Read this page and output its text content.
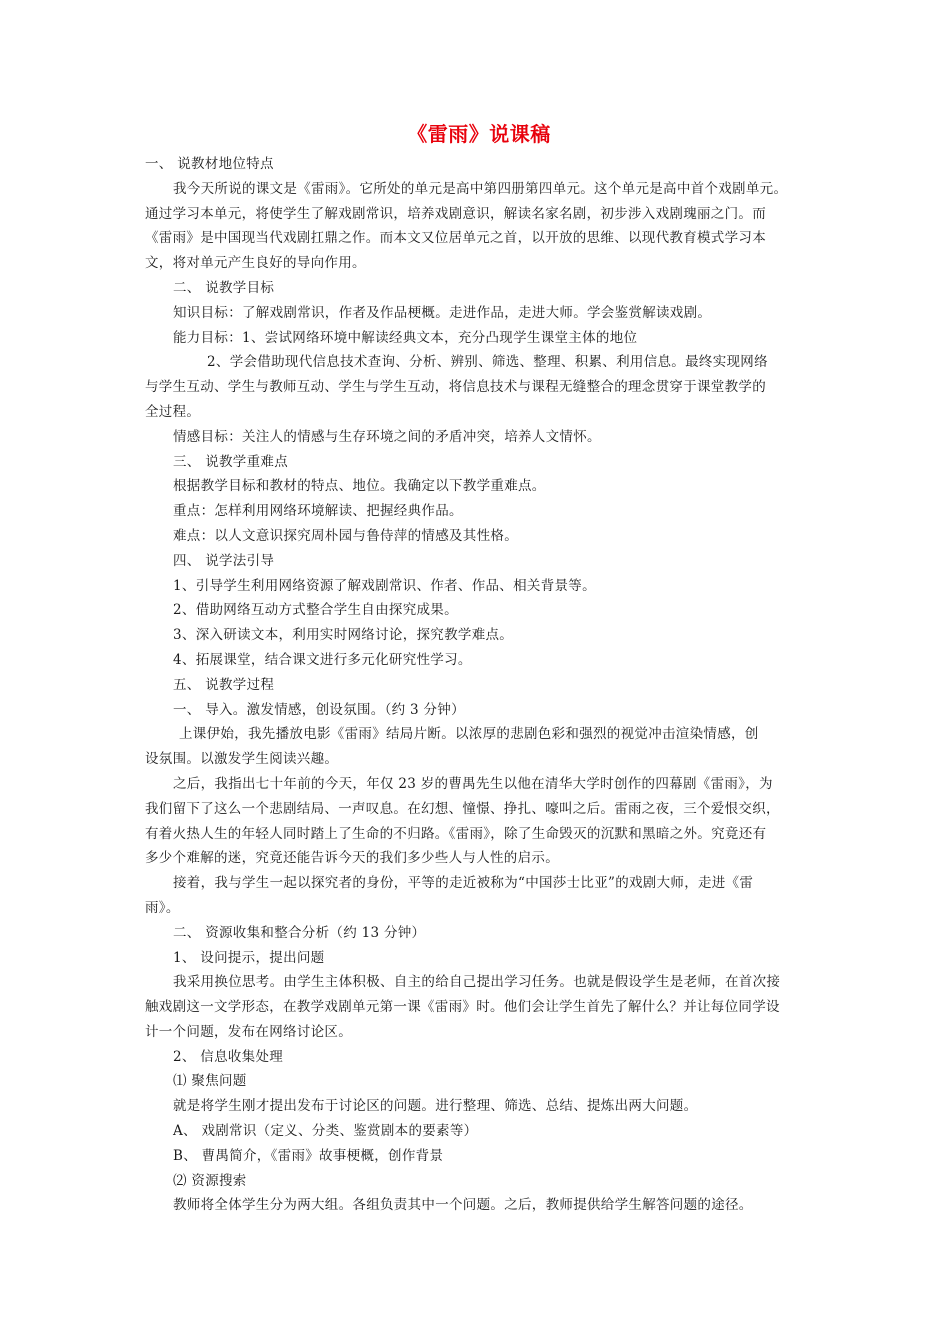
《雷雨》说课稿
一、 说教材地位特点
我今天所说的课文是《雷雨》。它所处的单元是高中第四册第四单元。这个单元是高中首个戏剧单元。
通过学习本单元，将使学生了解戏剧常识，培养戏剧意识，解读名家名剧，初步涉入戏剧瑰丽之门。而
《雷雨》是中国现当代戏剧扛鼎之作。而本文又位居单元之首，以开放的思维、以现代教育模式学习本
文，将对单元产生良好的导向作用。
二、 说教学目标
知识目标：了解戏剧常识，作者及作品梗概。走进作品，走进大师。学会鉴赏解读戏剧。
能力目标：1、尝试网络环境中解读经典文本，充分凸现学生课堂主体的地位
2、学会借助现代信息技术查询、分析、辨别、筛选、整理、积累、利用信息。最终实现网络
与学生互动、学生与教师互动、学生与学生互动，将信息技术与课程无缝整合的理念贯穿于课堂教学的
全过程。
情感目标：关注人的情感与生存环境之间的矛盾冲突，培养人文情怀。
三、 说教学重难点
根据教学目标和教材的特点、地位。我确定以下教学重难点。
重点：怎样利用网络环境解读、把握经典作品。
难点：以人文意识探究周朴园与鲁侍萍的情感及其性格。
四、 说学法引导
1、引导学生利用网络资源了解戏剧常识、作者、作品、相关背景等。
2、借助网络互动方式整合学生自由探究成果。
3、深入研读文本，利用实时网络讨论，探究教学难点。
4、拓展课堂，结合课文进行多元化研究性学习。
五、 说教学过程
一、 导入。激发情感，创设氛围。（约 3 分钟）
上课伊始，我先播放电影《雷雨》结局片断。以浓厚的悲剧色彩和强烈的视觉冲击渲染情感，创
设氛围。以激发学生阅读兴趣。
之后，我指出七十年前的今天，年仅 23 岁的曹禺先生以他在清华大学时创作的四幕剧《雷雨》，为
我们留下了这么一个悲剧结局、一声叹息。在幻想、憧憬、挣扎、嚎叫之后。雷雨之夜，三个爱恨交织，
有着火热人生的年轻人同时踏上了生命的不归路。《雷雨》，除了生命毁灭的沉默和黑暗之外。究竟还有
多少个难解的迷，究竟还能告诉今天的我们多少些人与人性的启示。
接着，我与学生一起以探究者的身份，平等的走近被称为“中国莎士比亚”的戏剧大师，走进《雷
雨》。
二、 资源收集和整合分析（约 13 分钟）
1、 设问提示，提出问题
我采用换位思考。由学生主体积极、自主的给自己提出学习任务。也就是假设学生是老师，在首次接
触戏剧这一文学形态，在教学戏剧单元第一课《雷雨》时。他们会让学生首先了解什么？并让每位同学设
计一个问题，发布在网络讨论区。
2、 信息收集处理
⑴ 聚焦问题
就是将学生刚才提出发布于讨论区的问题。进行整理、筛选、总结、提炼出两大问题。
A、 戏剧常识（定义、分类、鉴赏剧本的要素等）
B、 曹禺简介，《雷雨》故事梗概，创作背景
⑵ 资源搜索
教师将全体学生分为两大组。各组负责其中一个问题。之后，教师提供给学生解答问题的途径。
